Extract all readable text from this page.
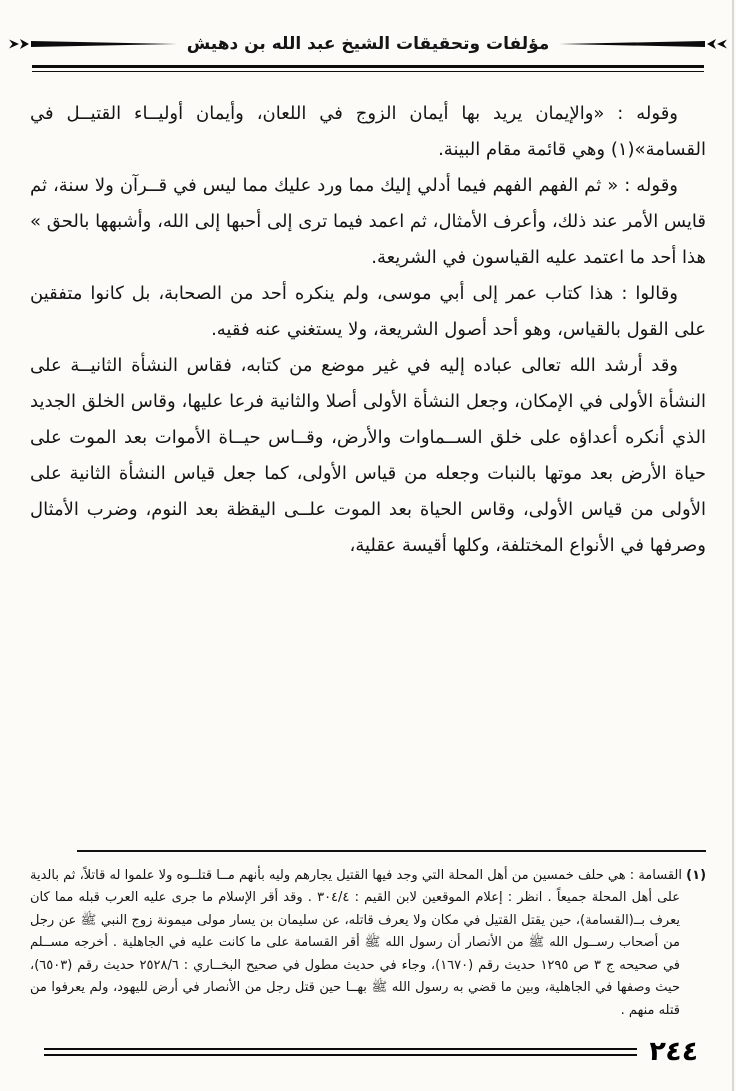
مؤلفات وتحقيقات الشيخ عبد الله بن دهيش

وقوله : «والإيمان يريد بها أيمان الزوج في اللعان، وأيمان أوليــاء القتيــل في القسامة»(١) وهي قائمة مقام البينة.

وقوله : « ثم الفهم الفهم فيما أدلي إليك مما ورد عليك مما ليس في قــرآن ولا سنة، ثم قايس الأمر عند ذلك، وأعرف الأمثال، ثم اعمد فيما ترى إلى أحبها إلى الله، وأشبهها بالحق » هذا أحد ما اعتمد عليه القياسون في الشريعة.

وقالوا : هذا كتاب عمر إلى أبي موسى، ولم ينكره أحد من الصحابة، بل كانوا متفقين على القول بالقياس، وهو أحد أصول الشريعة، ولا يستغني عنه فقيه.

وقد أرشد الله تعالى عباده إليه في غير موضع من كتابه، فقاس النشأة الثانيــة على النشأة الأولى في الإمكان، وجعل النشأة الأولى أصلا والثانية فرعا عليها، وقاس الخلق الجديد الذي أنكره أعداؤه على خلق الســماوات والأرض، وقــاس حيــاة الأموات بعد الموت على حياة الأرض بعد موتها بالنبات وجعله من قياس الأولى، كما جعل قياس النشأة الثانية على الأولى من قياس الأولى، وقاس الحياة بعد الموت علــى اليقظة بعد النوم، وضرب الأمثال وصرفها في الأنواع المختلفة، وكلها أقيسة عقلية،

(١) القسامة : هي حلف خمسين من أهل المحلة التي وجد فيها القتيل يجارهم وليه بأنهم مــا قتلــوه ولا علموا له قاتلاً، ثم بالدية على أهل المحلة جميعاً . انظر : إعلام الموقعين لابن القيم : ٣٠٤/٤ . وقد أقر الإسلام ما جرى عليه العرب قبله مما كان يعرف بــ(القسامة)، حين يقتل القتيل في مكان ولا يعرف قاتله، عن سليمان بن يسار مولى ميمونة زوج النبي ﷺ عن رجل من أصحاب رســول الله ﷺ من الأنصار أن رسول الله ﷺ أقر القسامة على ما كانت عليه في الجاهلية . أخرجه مســلم في صحيحه ج ٣ ص ١٢٩٥ حديث رقم (١٦٧٠)، وجاء في حديث مطول في صحيح البخــاري : ٢٥٢٨/٦ حديث رقم (٦٥٠٣)، حيث وصفها في الجاهلية، وبين ما قضي به رسول الله ﷺ بهــا حين قتل رجل من الأنصار في أرض لليهود، ولم يعرفوا من قتله منهم .

٢٤٤
